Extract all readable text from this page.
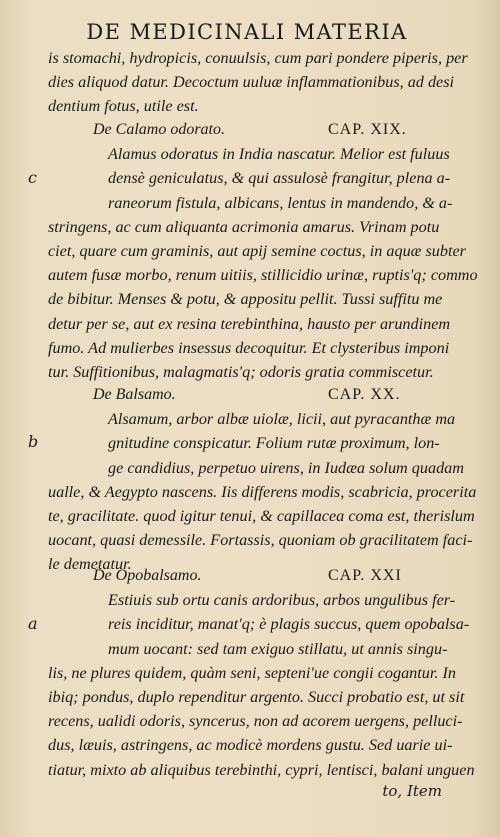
DE MEDICINALI MATERIA
is stomachi, hydropicis, conuulsis, cum pari pondere piperis, per
dies aliquod datur. Decoctum uuluæ inflammationibus, ad desi
dentium fotus, utile est.
De Calamo odorato.	CAP. XIX.
Alamus odoratus in India nascatur. Melior est fuluus
densè geniculatus, & qui assulosè frangitur, plena a-
raneorum fistula, albicans, lentus in mandendo, & a-
stringens, ac cum aliquanta acrimonia amarus. Vrinam potu
ciet, quare cum graminis, aut apij semine coctus, in aquæ subter
autem fusæ morbo, renum uitiis, stillicidio urinæ, ruptis'q; commo
de bibitur. Menses & potu, & appositu pellit. Tussi suffitu me
detur per se, aut ex resina terebinthina, hausto per arundinem
fumo. Ad mulierbes insessus decoquitur. Et clysteribus imponi
tur. Suffitionibus, malagmatis'q; odoris gratia commiscetur.
c
De Balsamo.	CAP. XX.
Alsamum, arbor albæ uiolæ, licii, aut pyracanthæ ma
gnitudine conspicatur. Folium rutæ proximum, lon-
ge candidius, perpetuo uirens, in Iudæa solum quadam
ualle, & Aegypto nascens. Iis differens modis, scabricia, procerita
te, gracilitate. quod igitur tenui, & capillacea coma est, therislum
uocant, quasi demessile. Fortassis, quoniam ob gracilitatem faci-
le demetatur.
b
De Opobalsamo.	CAP. XXI
Estiuis sub ortu canis ardoribus, arbos ungulibus fer-
reis inciditur, manat'q; è plagis succus, quem opobalsa-
mum uocant: sed tam exiguo stillatu, ut annis singu-
lis, ne plures quidem, quàm seni, septeni'ue congii cogantur. In
ibiq; pondus, duplo rependitur argento. Succi probatio est, ut sit
recens, ualidi odoris, syncerus, non ad acorem uergens, pelluci-
dus, læuis, astringens, ac modicè mordens gustu. Sed uarie ui-
tiatur, mixto ab aliquibus terebinthi, cypri, lentisci, balani unguen
a
to, Item
